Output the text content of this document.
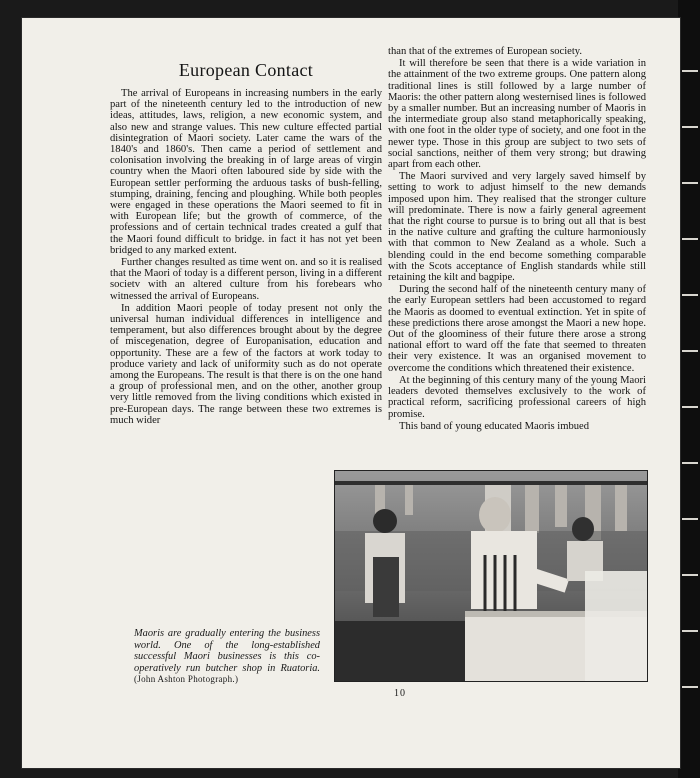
European Contact

The arrival of Europeans in increasing numbers in the early part of the nineteenth century led to the introduction of new ideas, attitudes, laws, religion, a new economic system, and also new and strange values. This new culture effected partial disintegration of Maori society. Later came the wars of the 1840's and 1860's. Then came a period of settlement and colonisation involving the breaking in of large areas of virgin country when the Maori often laboured side by side with the European settler performing the arduous tasks of bush-felling, stumping, draining, fencing and ploughing. While both peoples were engaged in these operations the Maori seemed to fit in with European life; but the growth of commerce, of the professions and of certain technical trades created a gulf that the Maori found difficult to bridge. in fact it has not yet been bridged to any marked extent.

Further changes resulted as time went on. and so it is realised that the Maori of today is a different person, living in a different societv with an altered culture from his forebears who witnessed the arrival of Europeans.

In addition Maori people of today present not only the universal human individual differences in intelligence and temperament, but also differences brought about by the degree of miscegenation, degree of Europanisation, education and opportunity. These are a few of the factors at work today to produce variety and lack of uniformity such as do not operate among the Europeans. The result is that there is on the one hand a group of professional men, and on the other, another group very little removed from the living conditions which existed in pre-European days. The range between these two extremes is much wider

than that of the extremes of European society.

It will therefore be seen that there is a wide variation in the attainment of the two extreme groups. One pattern along traditional lines is still followed by a large number of Maoris: the other pattern along westernised lines is followed by a smaller number. But an increasing number of Maoris in the intermediate group also stand metaphorically speaking, with one foot in the older type of society, and one foot in the newer type. Those in this group are subject to two sets of social sanctions, neither of them very strong; but drawing apart from each other.

The Maori survived and very largely saved himself by setting to work to adjust himself to the new demands imposed upon him. They realised that the stronger culture will predominate. There is now a fairly general agreement that the right course to pursue is to bring out all that is best in the native culture and grafting the culture harmoniously with that common to New Zealand as a whole. Such a blending could in the end become something comparable with the Scots acceptance of English standards while still retaining the kilt and bagpipe.

During the second half of the nineteenth century many of the early European settlers had been accustomed to regard the Maoris as doomed to eventual extinction. Yet in spite of these predictions there arose amongst the Maori a new hope. Out of the gloominess of their future there arose a strong national effort to ward off the fate that seemed to threaten their very existence. It was an organised movement to overcome the conditions which threatened their existence.

At the beginning of this century many of the young Maori leaders devoted themselves exclusively to the work of practical reform, sacrificing professional careers of high promise.

This band of young educated Maoris imbued

Maoris are gradually entering the business world. One of the long-established successful Maori businesses is this co-operatively run butcher shop in Ruatoria. (John Ashton Photograph.)
10
